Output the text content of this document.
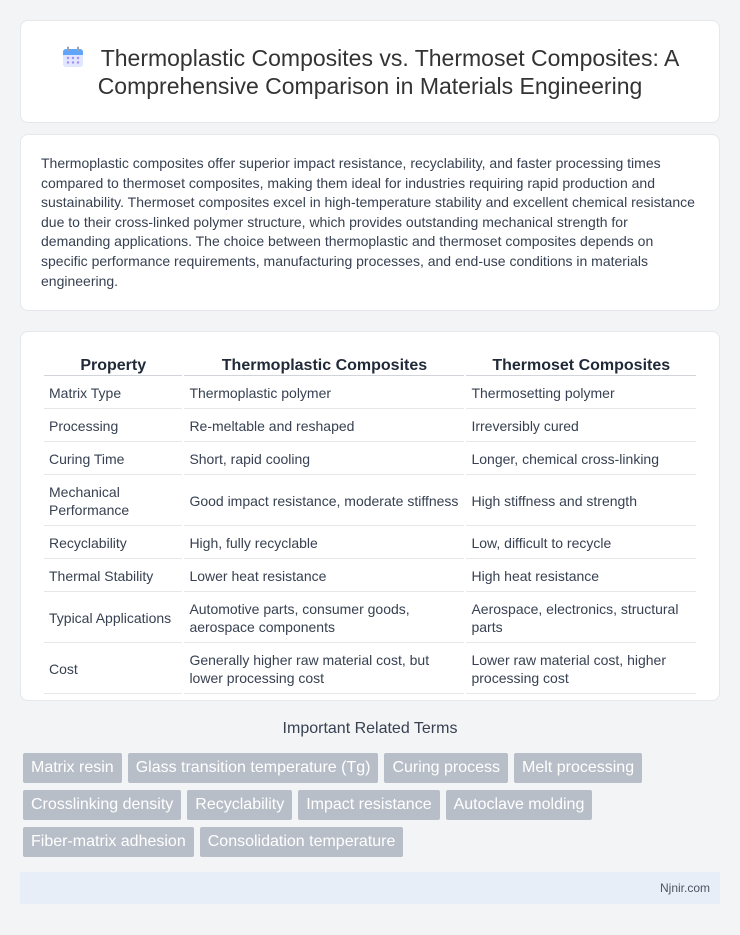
Thermoplastic Composites vs. Thermoset Composites: A Comprehensive Comparison in Materials Engineering

Thermoplastic composites offer superior impact resistance, recyclability, and faster processing times compared to thermoset composites, making them ideal for industries requiring rapid production and sustainability. Thermoset composites excel in high-temperature stability and excellent chemical resistance due to their cross-linked polymer structure, which provides outstanding mechanical strength for demanding applications. The choice between thermoplastic and thermoset composites depends on specific performance requirements, manufacturing processes, and end-use conditions in materials engineering.

Property	Thermoplastic Composites	Thermoset Composites
Matrix Type	Thermoplastic polymer	Thermosetting polymer
Processing	Re-meltable and reshaped	Irreversibly cured
Curing Time	Short, rapid cooling	Longer, chemical cross-linking
Mechanical Performance	Good impact resistance, moderate stiffness	High stiffness and strength
Recyclability	High, fully recyclable	Low, difficult to recycle
Thermal Stability	Lower heat resistance	High heat resistance
Typical Applications	Automotive parts, consumer goods, aerospace components	Aerospace, electronics, structural parts
Cost	Generally higher raw material cost, but lower processing cost	Lower raw material cost, higher processing cost
Important Related Terms
Matrix resin	Glass transition temperature (Tg)	Curing process	Melt processing
Crosslinking density	Recyclability	Impact resistance	Autoclave molding
Fiber-matrix adhesion	Consolidation temperature
Njnir.com
